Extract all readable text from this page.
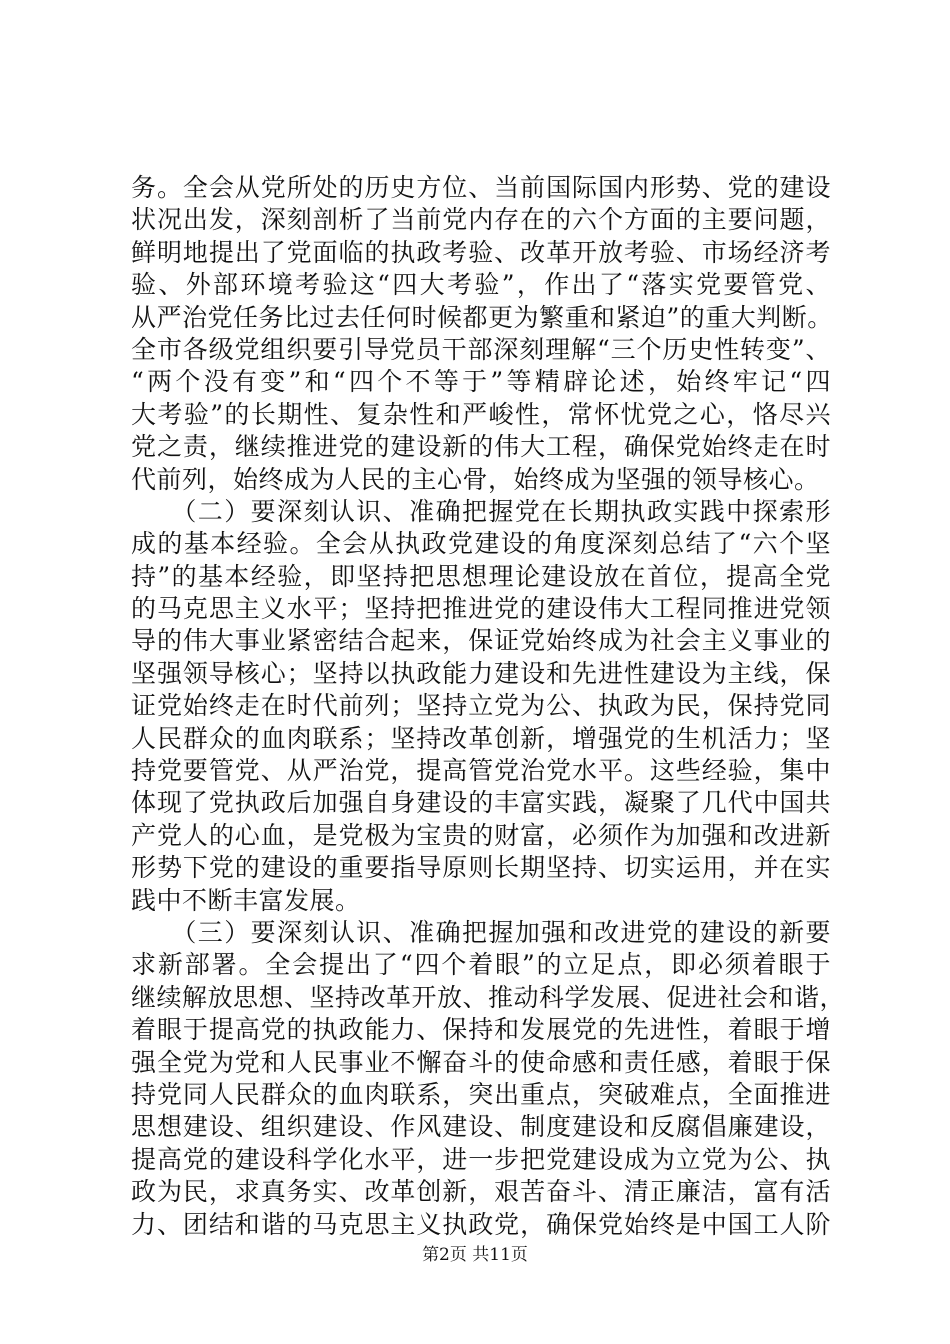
务。全会从党所处的历史方位、当前国际国内形势、党的建设
状况出发，深刻剖析了当前党内存在的六个方面的主要问题，
鲜明地提出了党面临的执政考验、改革开放考验、市场经济考
验、外部环境考验这“四大考验”，作出了“落实党要管党、
从严治党任务比过去任何时候都更为繁重和紧迫”的重大判断。
全市各级党组织要引导党员干部深刻理解“三个历史性转变”、
“两个没有变”和“四个不等于”等精辟论述，始终牢记“四
大考验”的长期性、复杂性和严峻性，常怀忧党之心，恪尽兴
党之责，继续推进党的建设新的伟大工程，确保党始终走在时
代前列，始终成为人民的主心骨，始终成为坚强的领导核心。
　　（二）要深刻认识、准确把握党在长期执政实践中探索形
成的基本经验。全会从执政党建设的角度深刻总结了“六个坚
持”的基本经验，即坚持把思想理论建设放在首位，提高全党
的马克思主义水平；坚持把推进党的建设伟大工程同推进党领
导的伟大事业紧密结合起来，保证党始终成为社会主义事业的
坚强领导核心；坚持以执政能力建设和先进性建设为主线，保
证党始终走在时代前列；坚持立党为公、执政为民，保持党同
人民群众的血肉联系；坚持改革创新，增强党的生机活力；坚
持党要管党、从严治党，提高管党治党水平。这些经验，集中
体现了党执政后加强自身建设的丰富实践，凝聚了几代中国共
产党人的心血，是党极为宝贵的财富，必须作为加强和改进新
形势下党的建设的重要指导原则长期坚持、切实运用，并在实
践中不断丰富发展。
　　（三）要深刻认识、准确把握加强和改进党的建设的新要
求新部署。全会提出了“四个着眼”的立足点，即必须着眼于
继续解放思想、坚持改革开放、推动科学发展、促进社会和谐，
着眼于提高党的执政能力、保持和发展党的先进性，着眼于增
强全党为党和人民事业不懈奋斗的使命感和责任感，着眼于保
持党同人民群众的血肉联系，突出重点，突破难点，全面推进
思想建设、组织建设、作风建设、制度建设和反腐倡廉建设，
提高党的建设科学化水平，进一步把党建设成为立党为公、执
政为民，求真务实、改革创新，艰苦奋斗、清正廉洁，富有活
力、团结和谐的马克思主义执政党，确保党始终是中国工人阶
第2页 共11页
